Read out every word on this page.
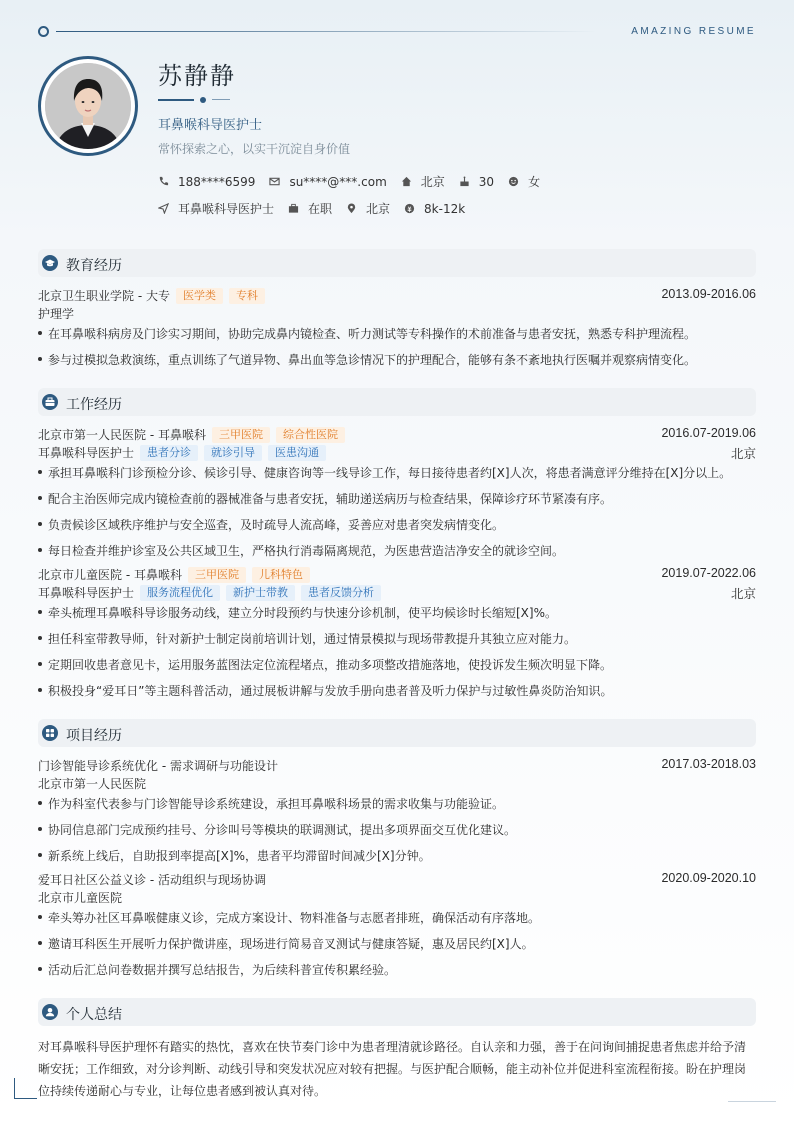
AMAZING RESUME
苏静静
耳鼻喉科导医护士
常怀探索之心，以实干沉淀自身价值
188****6599	su****@***.com	北京	30	女
耳鼻喉科导医护士	在职	北京	8k-12k
教育经历
北京卫生职业学院 - 大专	医学类	专科	2013.09-2016.06
护理学
在耳鼻喉科病房及门诊实习期间，协助完成鼻内镜检查、听力测试等专科操作的术前准备与患者安抚，熟悉专科护理流程。
参与过模拟急救演练，重点训练了气道异物、鼻出血等急诊情况下的护理配合，能够有条不紊地执行医嘱并观察病情变化。
工作经历
北京市第一人民医院 - 耳鼻喉科	三甲医院	综合性医院	2016.07-2019.06
耳鼻喉科导医护士	患者分诊	就诊引导	医患沟通	北京
承担耳鼻喉科门诊预检分诊、候诊引导、健康咨询等一线导诊工作，每日接待患者约[X]人次，将患者满意评分维持在[X]分以上。
配合主治医师完成内镜检查前的器械准备与患者安抚，辅助递送病历与检查结果，保障诊疗环节紧凑有序。
负责候诊区域秩序维护与安全巡查，及时疏导人流高峰，妥善应对患者突发病情变化。
每日检查并维护诊室及公共区域卫生，严格执行消毒隔离规范，为医患营造洁净安全的就诊空间。
北京市儿童医院 - 耳鼻喉科	三甲医院	儿科特色	2019.07-2022.06
耳鼻喉科导医护士	服务流程优化	新护士带教	患者反馈分析	北京
牵头梳理耳鼻喉科导诊服务动线，建立分时段预约与快速分诊机制，使平均候诊时长缩短[X]%。
担任科室带教导师，针对新护士制定岗前培训计划，通过情景模拟与现场带教提升其独立应对能力。
定期回收患者意见卡，运用服务蓝图法定位流程堵点，推动多项整改措施落地，使投诉发生频次明显下降。
积极投身“爱耳日”等主题科普活动，通过展板讲解与发放手册向患者普及听力保护与过敏性鼻炎防治知识。
项目经历
门诊智能导诊系统优化 - 需求调研与功能设计	2017.03-2018.03
北京市第一人民医院
作为科室代表参与门诊智能导诊系统建设，承担耳鼻喉科场景的需求收集与功能验证。
协同信息部门完成预约挂号、分诊叫号等模块的联调测试，提出多项界面交互优化建议。
新系统上线后，自助报到率提高[X]%，患者平均滞留时间减少[X]分钟。
爱耳日社区公益义诊 - 活动组织与现场协调	2020.09-2020.10
北京市儿童医院
牵头筹办社区耳鼻喉健康义诊，完成方案设计、物料准备与志愿者排班，确保活动有序落地。
邀请耳科医生开展听力保护微讲座，现场进行简易音叉测试与健康答疑，惠及居民约[X]人。
活动后汇总问卷数据并撰写总结报告，为后续科普宣传积累经验。
个人总结
对耳鼻喉科导医护理怀有踏实的热忱，喜欢在快节奏门诊中为患者理清就诊路径。自认亲和力强，善于在问询间捕捉患者焦虑并给予清晰安抚；工作细致，对分诊判断、动线引导和突发状况应对较有把握。与医护配合顺畅，能主动补位并促进科室流程衔接。盼在护理岗位持续传递耐心与专业，让每位患者感到被认真对待。
